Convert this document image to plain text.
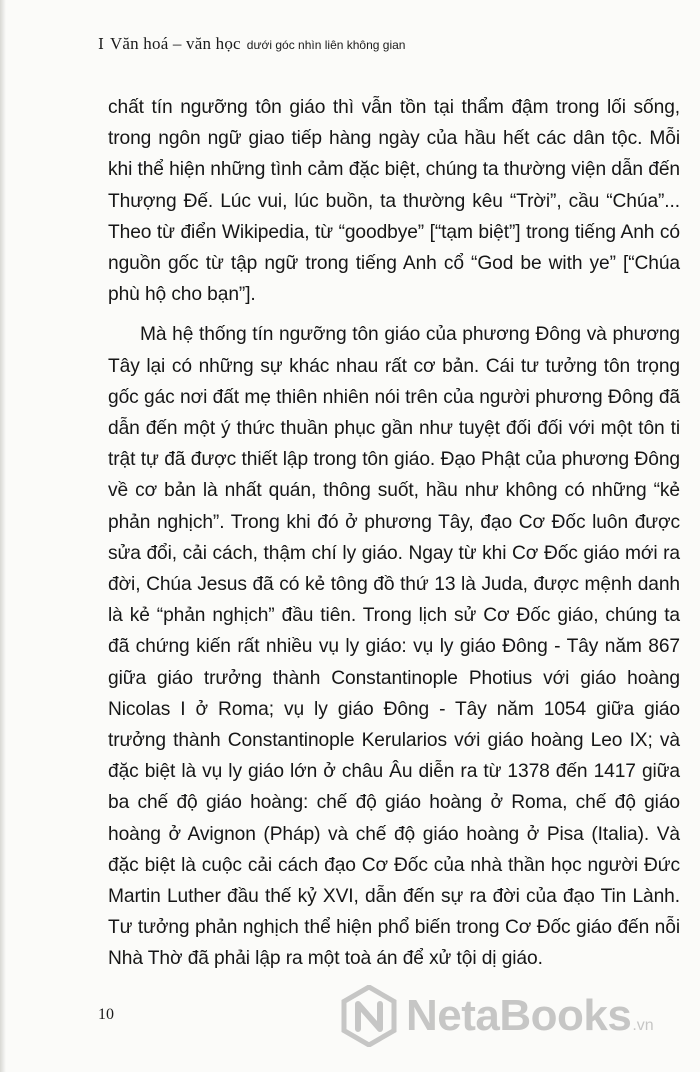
I Văn hoá – văn học dưới góc nhìn liên không gian

chất tín ngưỡng tôn giáo thì vẫn tồn tại thẩm đậm trong lối sống, trong ngôn ngữ giao tiếp hàng ngày của hầu hết các dân tộc. Mỗi khi thể hiện những tình cảm đặc biệt, chúng ta thường viện dẫn đến Thượng Đế. Lúc vui, lúc buồn, ta thường kêu “Trời”, cầu “Chúa”... Theo từ điển Wikipedia, từ “goodbye” [“tạm biệt”] trong tiếng Anh có nguồn gốc từ tập ngữ trong tiếng Anh cổ “God be with ye” [“Chúa phù hộ cho bạn”].

Mà hệ thống tín ngưỡng tôn giáo của phương Đông và phương Tây lại có những sự khác nhau rất cơ bản. Cái tư tưởng tôn trọng gốc gác nơi đất mẹ thiên nhiên nói trên của người phương Đông đã dẫn đến một ý thức thuần phục gần như tuyệt đối đối với một tôn ti trật tự đã được thiết lập trong tôn giáo. Đạo Phật của phương Đông về cơ bản là nhất quán, thông suốt, hầu như không có những “kẻ phản nghịch”. Trong khi đó ở phương Tây, đạo Cơ Đốc luôn được sửa đổi, cải cách, thậm chí ly giáo. Ngay từ khi Cơ Đốc giáo mới ra đời, Chúa Jesus đã có kẻ tông đồ thứ 13 là Juda, được mệnh danh là kẻ “phản nghịch” đầu tiên. Trong lịch sử Cơ Đốc giáo, chúng ta đã chứng kiến rất nhiều vụ ly giáo: vụ ly giáo Đông - Tây năm 867 giữa giáo trưởng thành Constantinople Photius với giáo hoàng Nicolas I ở Roma; vụ ly giáo Đông - Tây năm 1054 giữa giáo trưởng thành Constantinople Kerularios với giáo hoàng Leo IX; và đặc biệt là vụ ly giáo lớn ở châu Âu diễn ra từ 1378 đến 1417 giữa ba chế độ giáo hoàng: chế độ giáo hoàng ở Roma, chế độ giáo hoàng ở Avignon (Pháp) và chế độ giáo hoàng ở Pisa (Italia). Và đặc biệt là cuộc cải cách đạo Cơ Đốc của nhà thần học người Đức Martin Luther đầu thế kỷ XVI, dẫn đến sự ra đời của đạo Tin Lành. Tư tưởng phản nghịch thể hiện phổ biến trong Cơ Đốc giáo đến nỗi Nhà Thờ đã phải lập ra một toà án để xử tội dị giáo.

10	NetaBooks .vn
